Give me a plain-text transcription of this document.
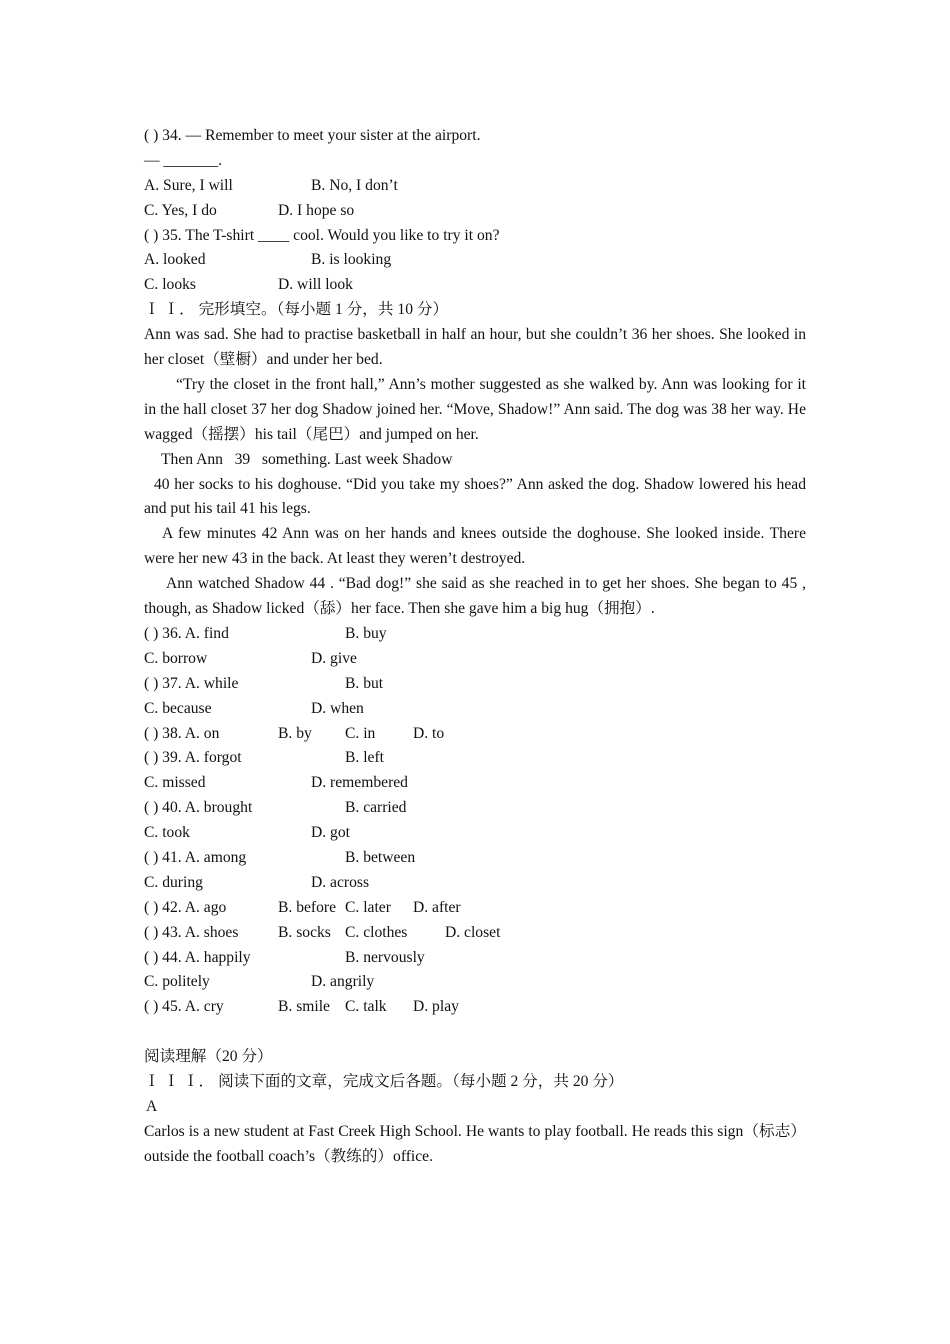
( ) 34. — Remember to meet your sister at the airport.
— _______.
A. Sure, I will	B. No, I don’t
C. Yes, I do	D. I hope so
( ) 35. The T-shirt ____ cool. Would you like to try it on?
A. looked	B. is looking
C. looks	D. will look
Ｉ Ｉ． 完形填空。（每小题 1 分，共 10 分）
Ann was sad. She had to practise basketball in half an hour, but she couldn’t 36 her shoes. She looked in her closet（壁橱）and under her bed.
“Try the closet in the front hall,” Ann’s mother suggested as she walked by. Ann was looking for it in the hall closet 37 her dog Shadow joined her. “Move, Shadow!” Ann said. The dog was 38 her way. He wagged（摇摆）his tail（尾巴）and jumped on her.
Then Ann   39   something. Last week Shadow
40 her socks to his doghouse. “Did you take my shoes?” Ann asked the dog. Shadow lowered his head and put his tail 41 his legs.
A few minutes 42 Ann was on her hands and knees outside the doghouse. She looked inside. There were her new 43 in the back. At least they weren’t destroyed.
Ann watched Shadow 44 . “Bad dog!” she said as she reached in to get her shoes. She began to 45 , though, as Shadow licked（舔）her face. Then she gave him a big hug（拥抱）.
( ) 36. A. find	B. buy
C. borrow	D. give
( ) 37. A. while	B. but
C. because	D. when
( ) 38. A. on	B. by	C. in	D. to
( ) 39. A. forgot	B. left
C. missed	D. remembered
( ) 40. A. brought	B. carried
C. took	D. got
( ) 41. A. among	B. between
C. during	D. across
( ) 42. A. ago	B. before C. later	D. after
( ) 43. A. shoes	B. socks C. clothes	D. closet
( ) 44. A. happily	B. nervously
C. politely	D. angrily
( ) 45. A. cry	B. smile C. talk	D. play
阅读理解（20 分）
Ｉ Ｉ Ｉ． 阅读下面的文章，完成文后各题。（每小题 2 分，共 20 分）
A
Carlos is a new student at Fast Creek High School. He wants to play football. He reads this sign（标志）outside the football coach’s（教练的）office.
